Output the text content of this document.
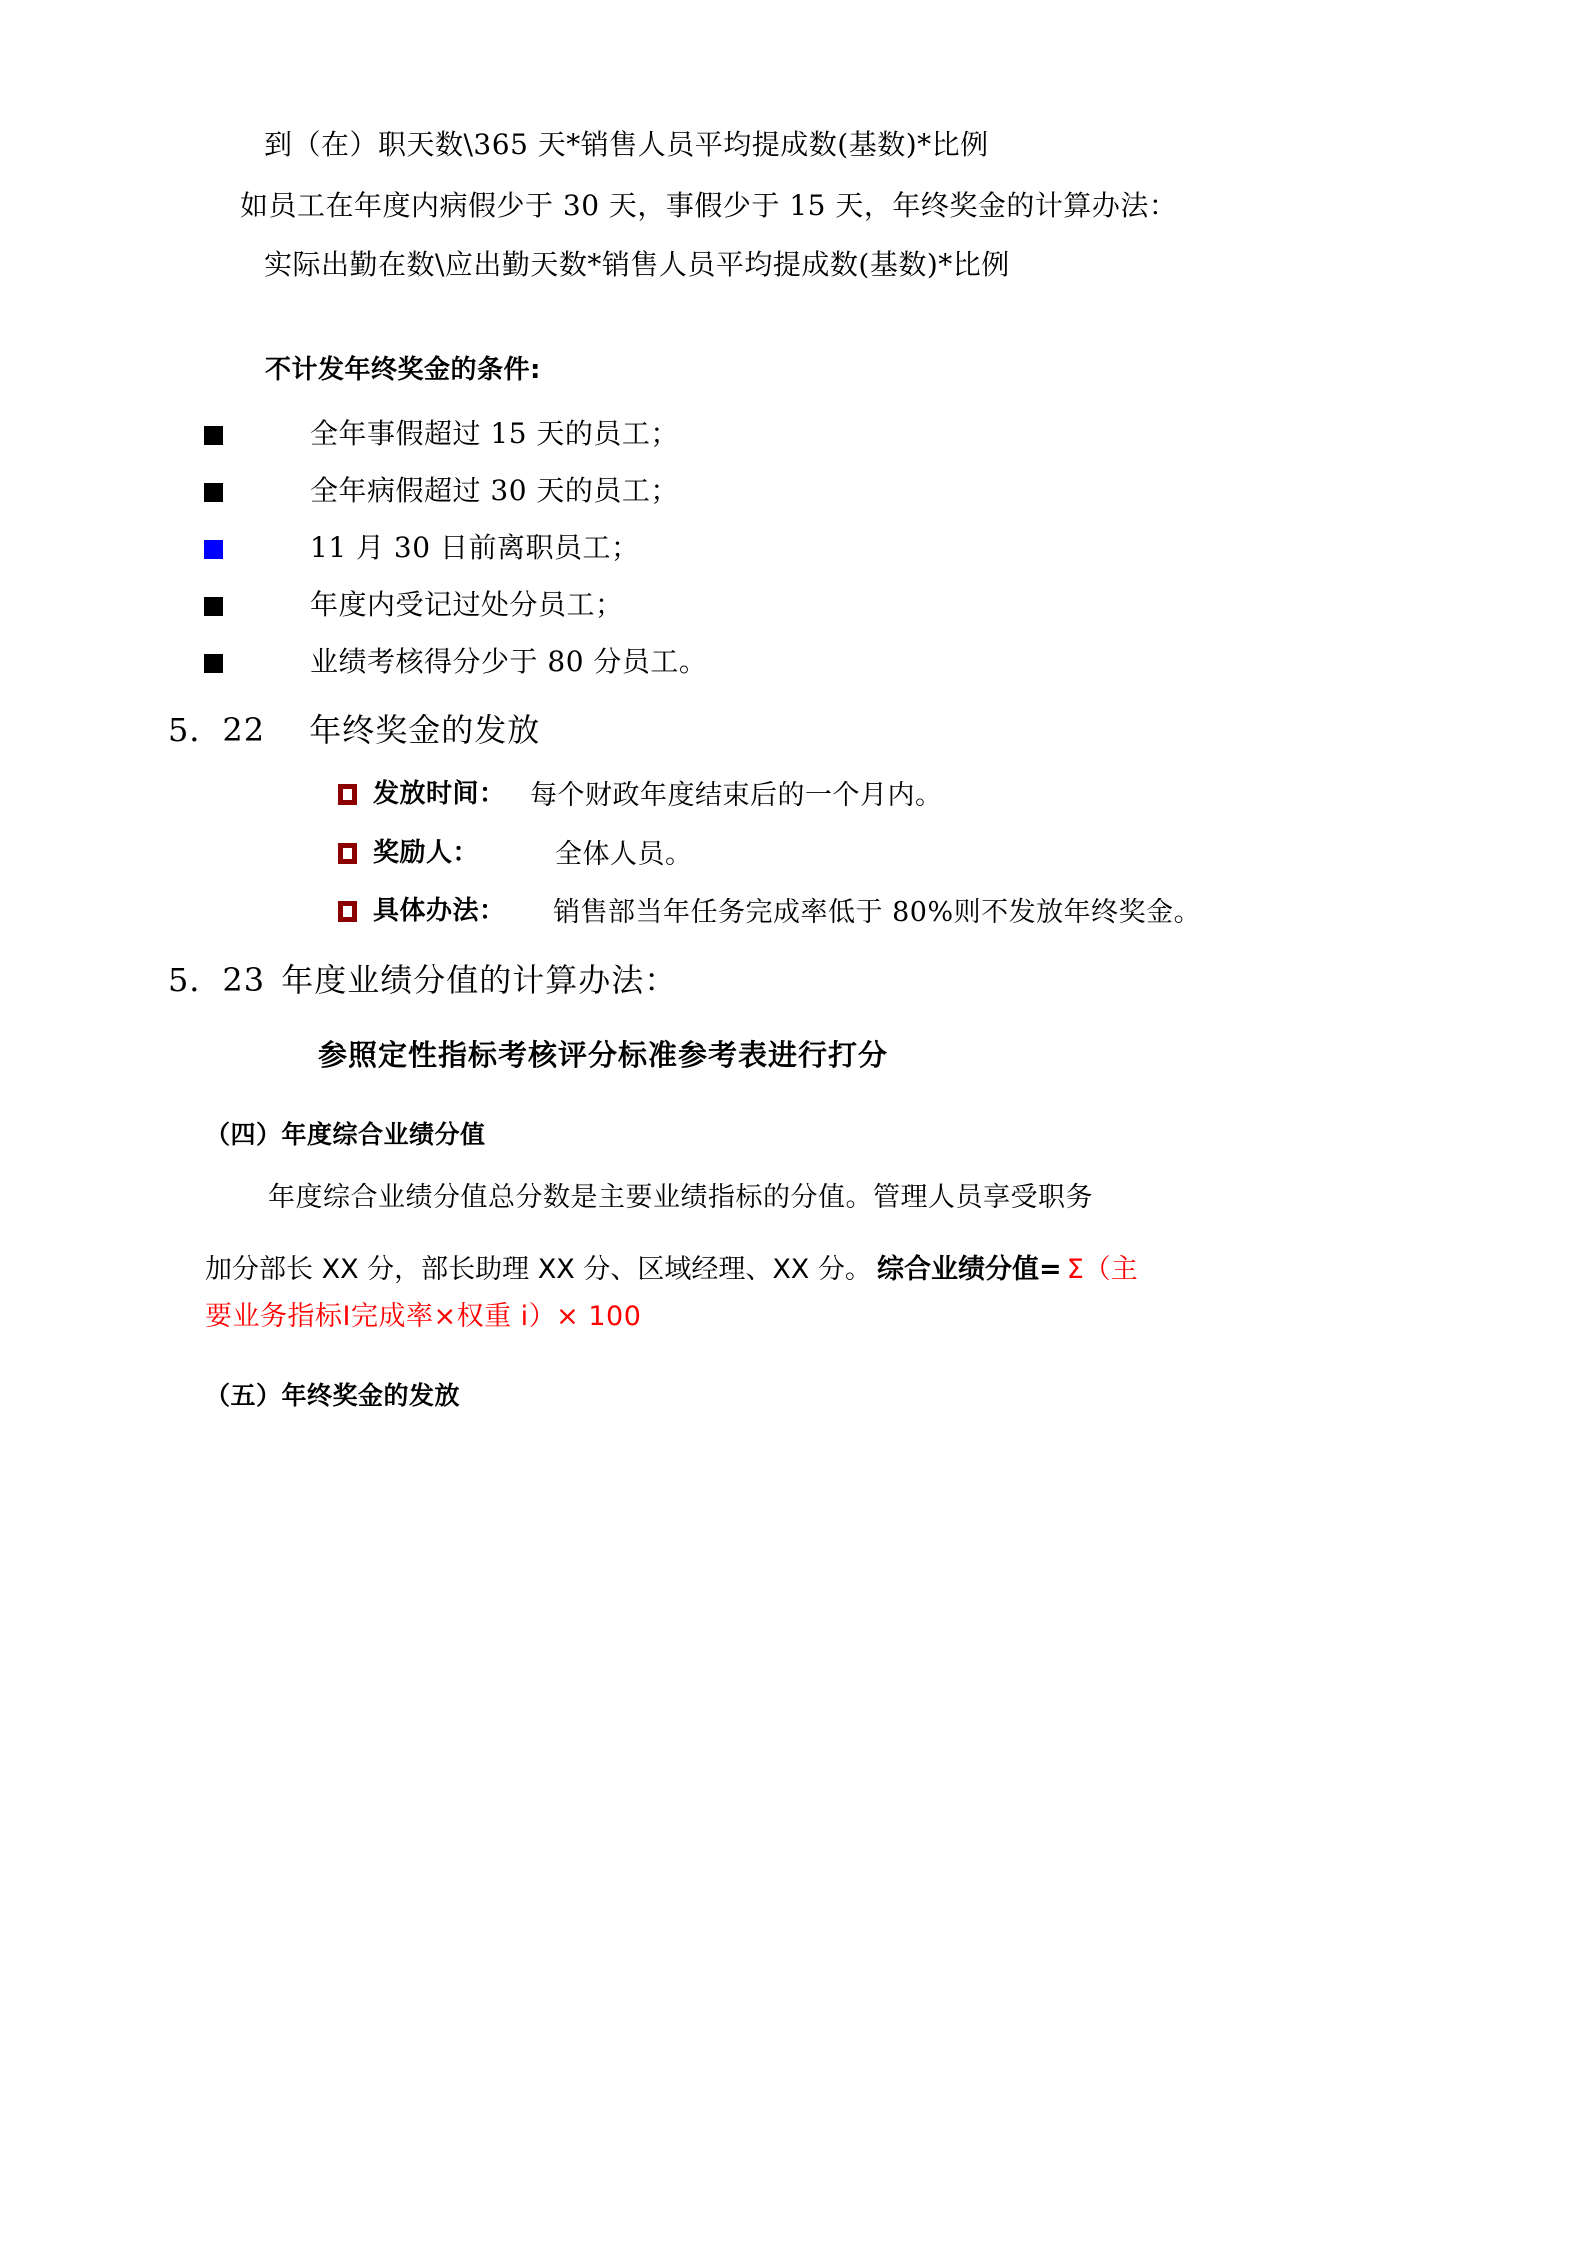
到（在）职天数\365 天*销售人员平均提成数(基数)*比例
如员工在年度内病假少于 30 天，事假少于 15 天，年终奖金的计算办法：
实际出勤在数\应出勤天数*销售人员平均提成数(基数)*比例
不计发年终奖金的条件:
全年事假超过 15 天的员工；
全年病假超过 30 天的员工；
11 月 30 日前离职员工；
年度内受记过处分员工；
业绩考核得分少于 80 分员工。
5．22 年终奖金的发放
发放时间： 每个财政年度结束后的一个月内。
奖励人：	全体人员。
具体办法： 销售部当年任务完成率低于 80%则不发放年终奖金。
5．23 年度业绩分值的计算办法：
参照定性指标考核评分标准参考表进行打分
（四）年度综合业绩分值
年度综合业绩分值总分数是主要业绩指标的分值。管理人员享受职务
加分部长 XX 分，部长助理 XX 分、区域经理、XX 分。 综合业绩分值= Σ（主
要业务指标Ⅰ完成率×权重 i）× 100
（五）年终奖金的发放
